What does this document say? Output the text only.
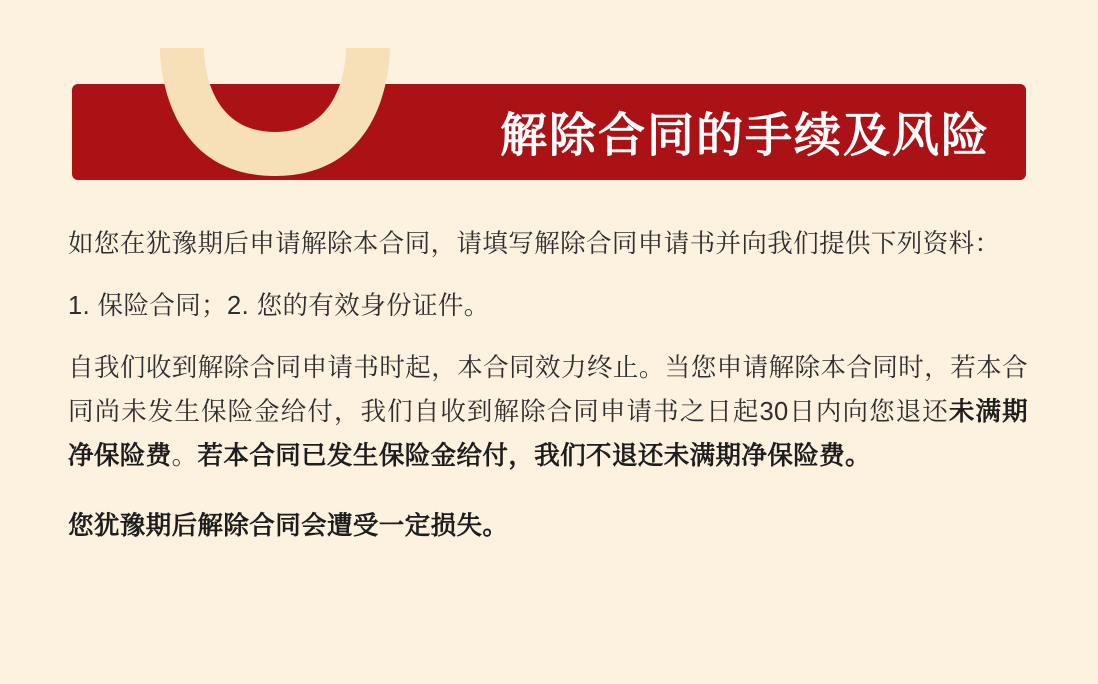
解除合同的手续及风险

如您在犹豫期后申请解除本合同，请填写解除合同申请书并向我们提供下列资料：

1. 保险合同；2. 您的有效身份证件。

自我们收到解除合同申请书时起，本合同效力终止。当您申请解除本合同时，若本合同尚未发生保险金给付，我们自收到解除合同申请书之日起30日内向您退还未满期净保险费。若本合同已发生保险金给付，我们不退还未满期净保险费。

您犹豫期后解除合同会遭受一定损失。
